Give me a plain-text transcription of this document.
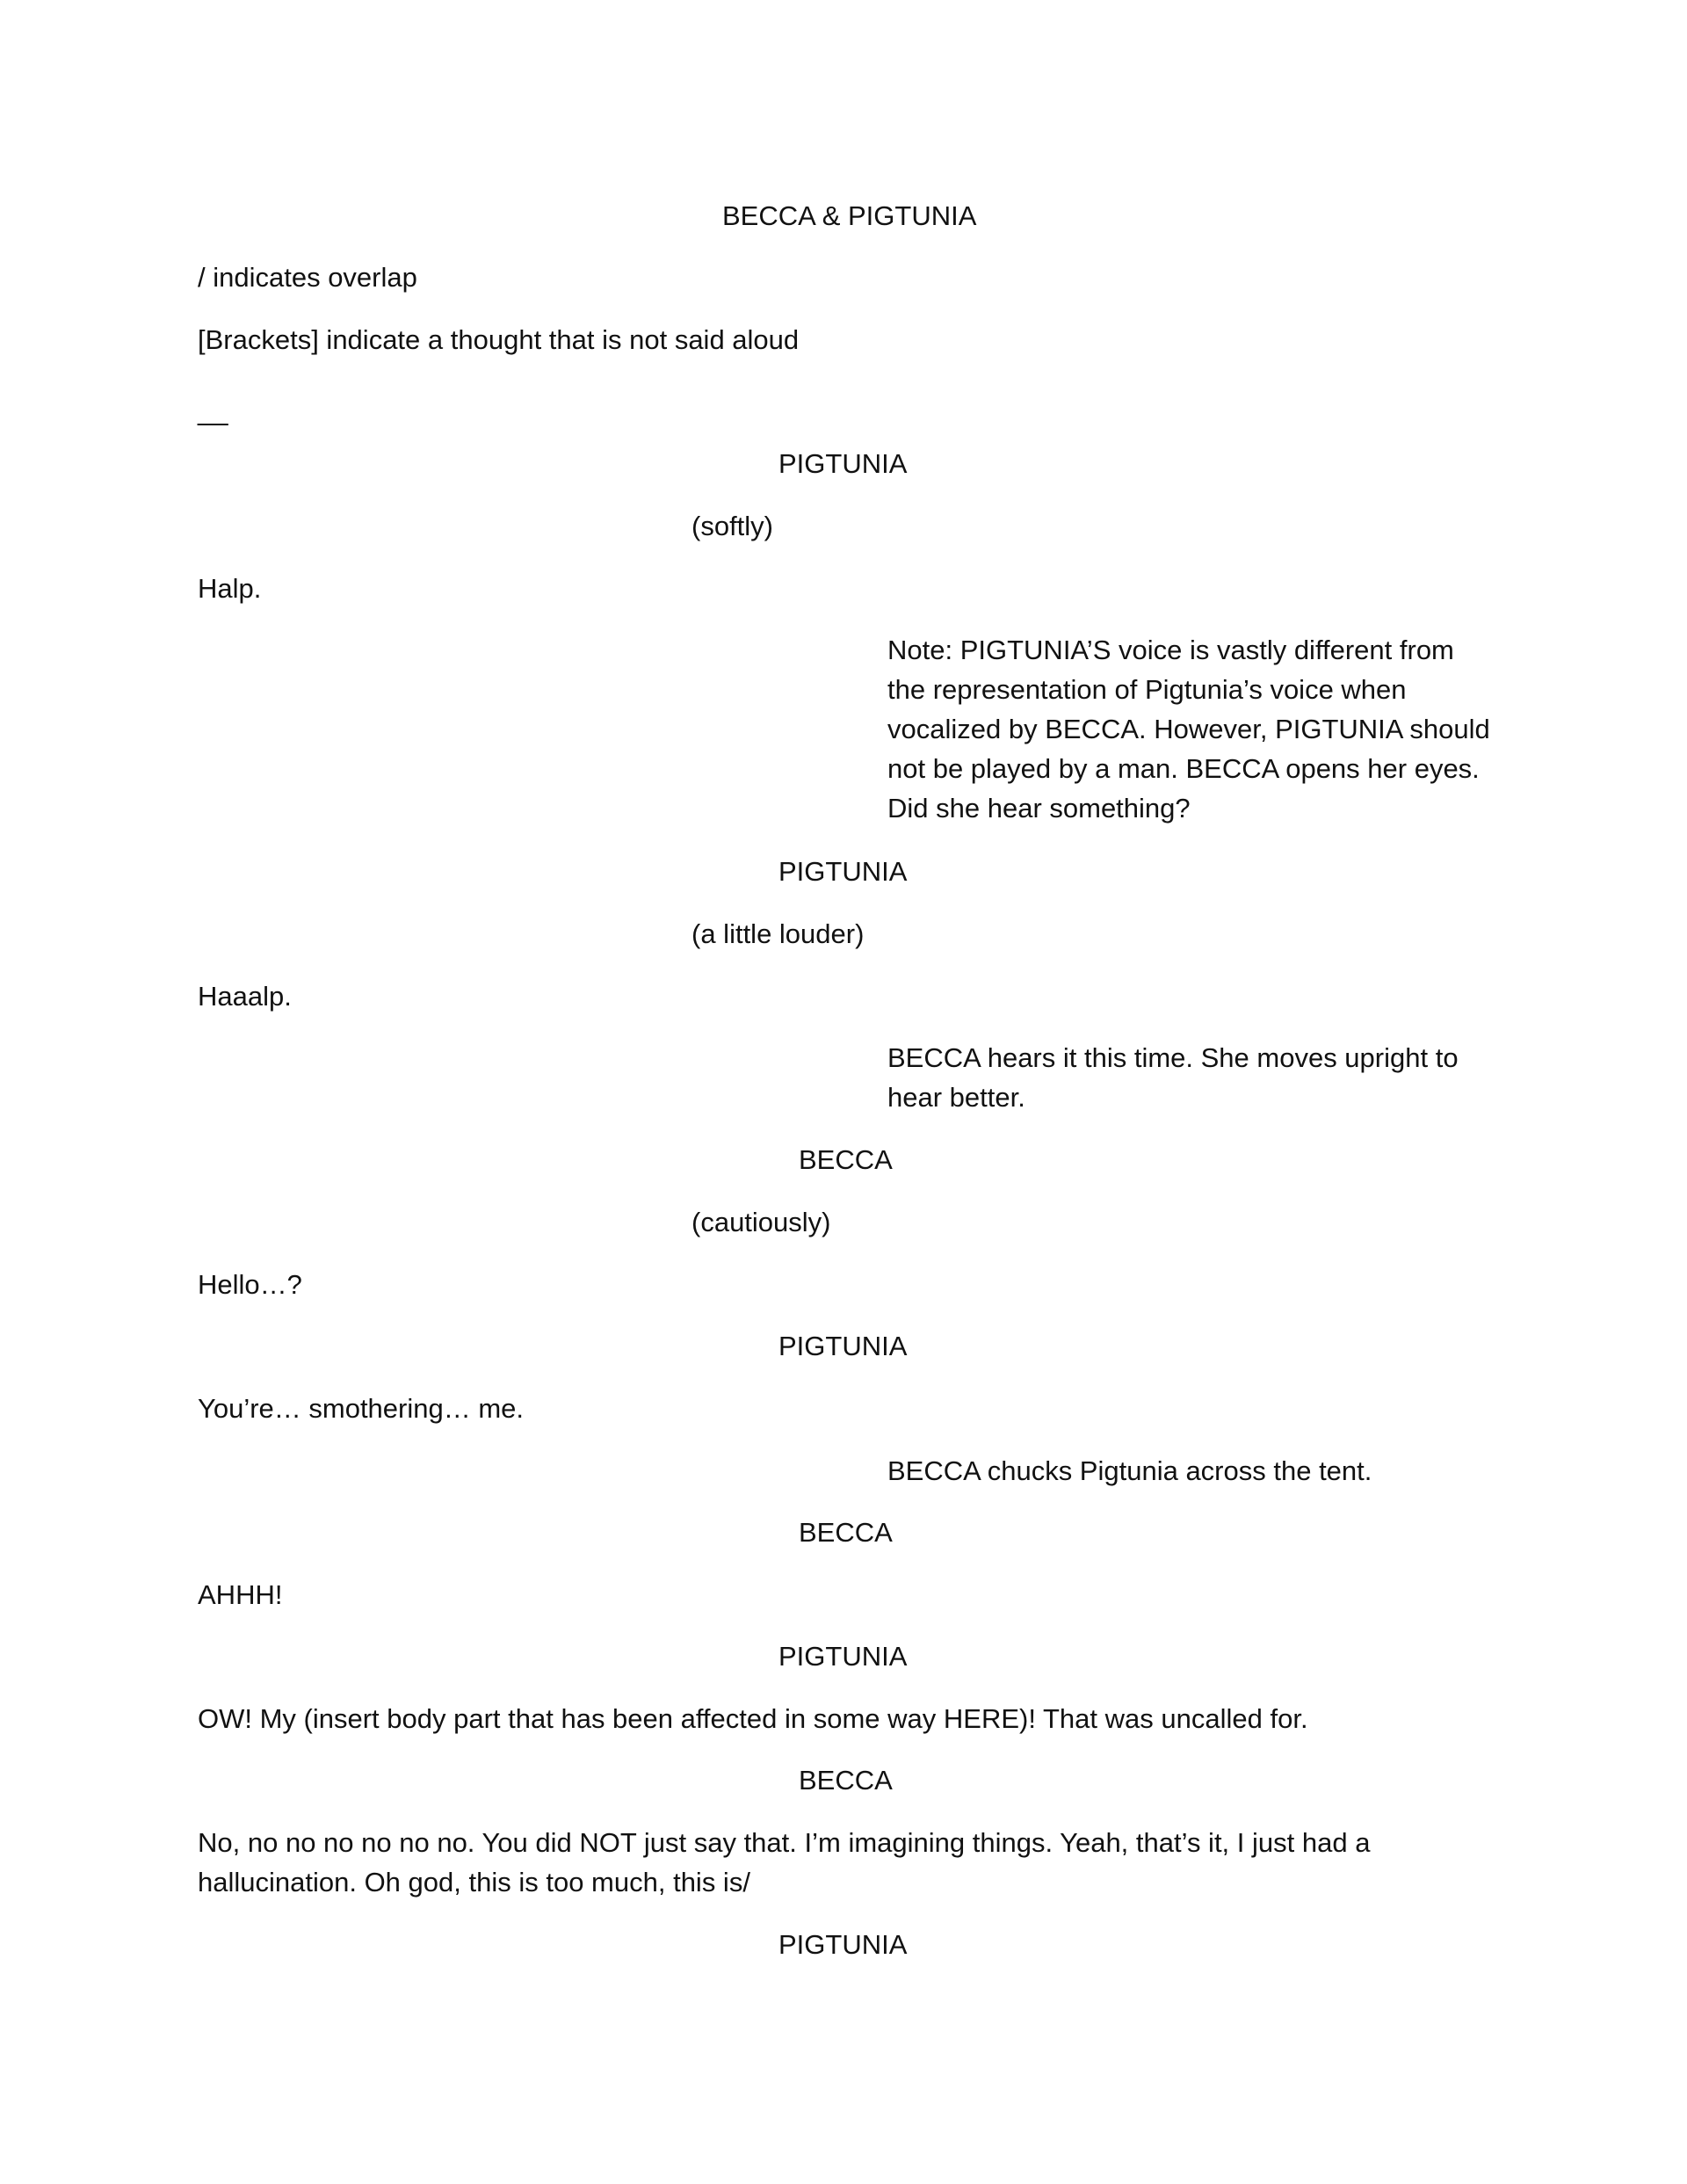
BECCA & PIGTUNIA
/ indicates overlap
[Brackets] indicate a thought that is not said aloud
__
PIGTUNIA
(softly)
Halp.
Note: PIGTUNIA’S voice is vastly different from the representation of Pigtunia’s voice when vocalized by BECCA. However, PIGTUNIA should not be played by a man. BECCA opens her eyes. Did she hear something?
PIGTUNIA
(a little louder)
Haaalp.
BECCA hears it this time. She moves upright to hear better.
BECCA
(cautiously)
Hello…?
PIGTUNIA
You’re… smothering… me.
BECCA chucks Pigtunia across the tent.
BECCA
AHHH!
PIGTUNIA
OW! My (insert body part that has been affected in some way HERE)! That was uncalled for.
BECCA
No, no no no no no no. You did NOT just say that. I’m imagining things. Yeah, that’s it, I just had a hallucination. Oh god, this is too much, this is/
PIGTUNIA
